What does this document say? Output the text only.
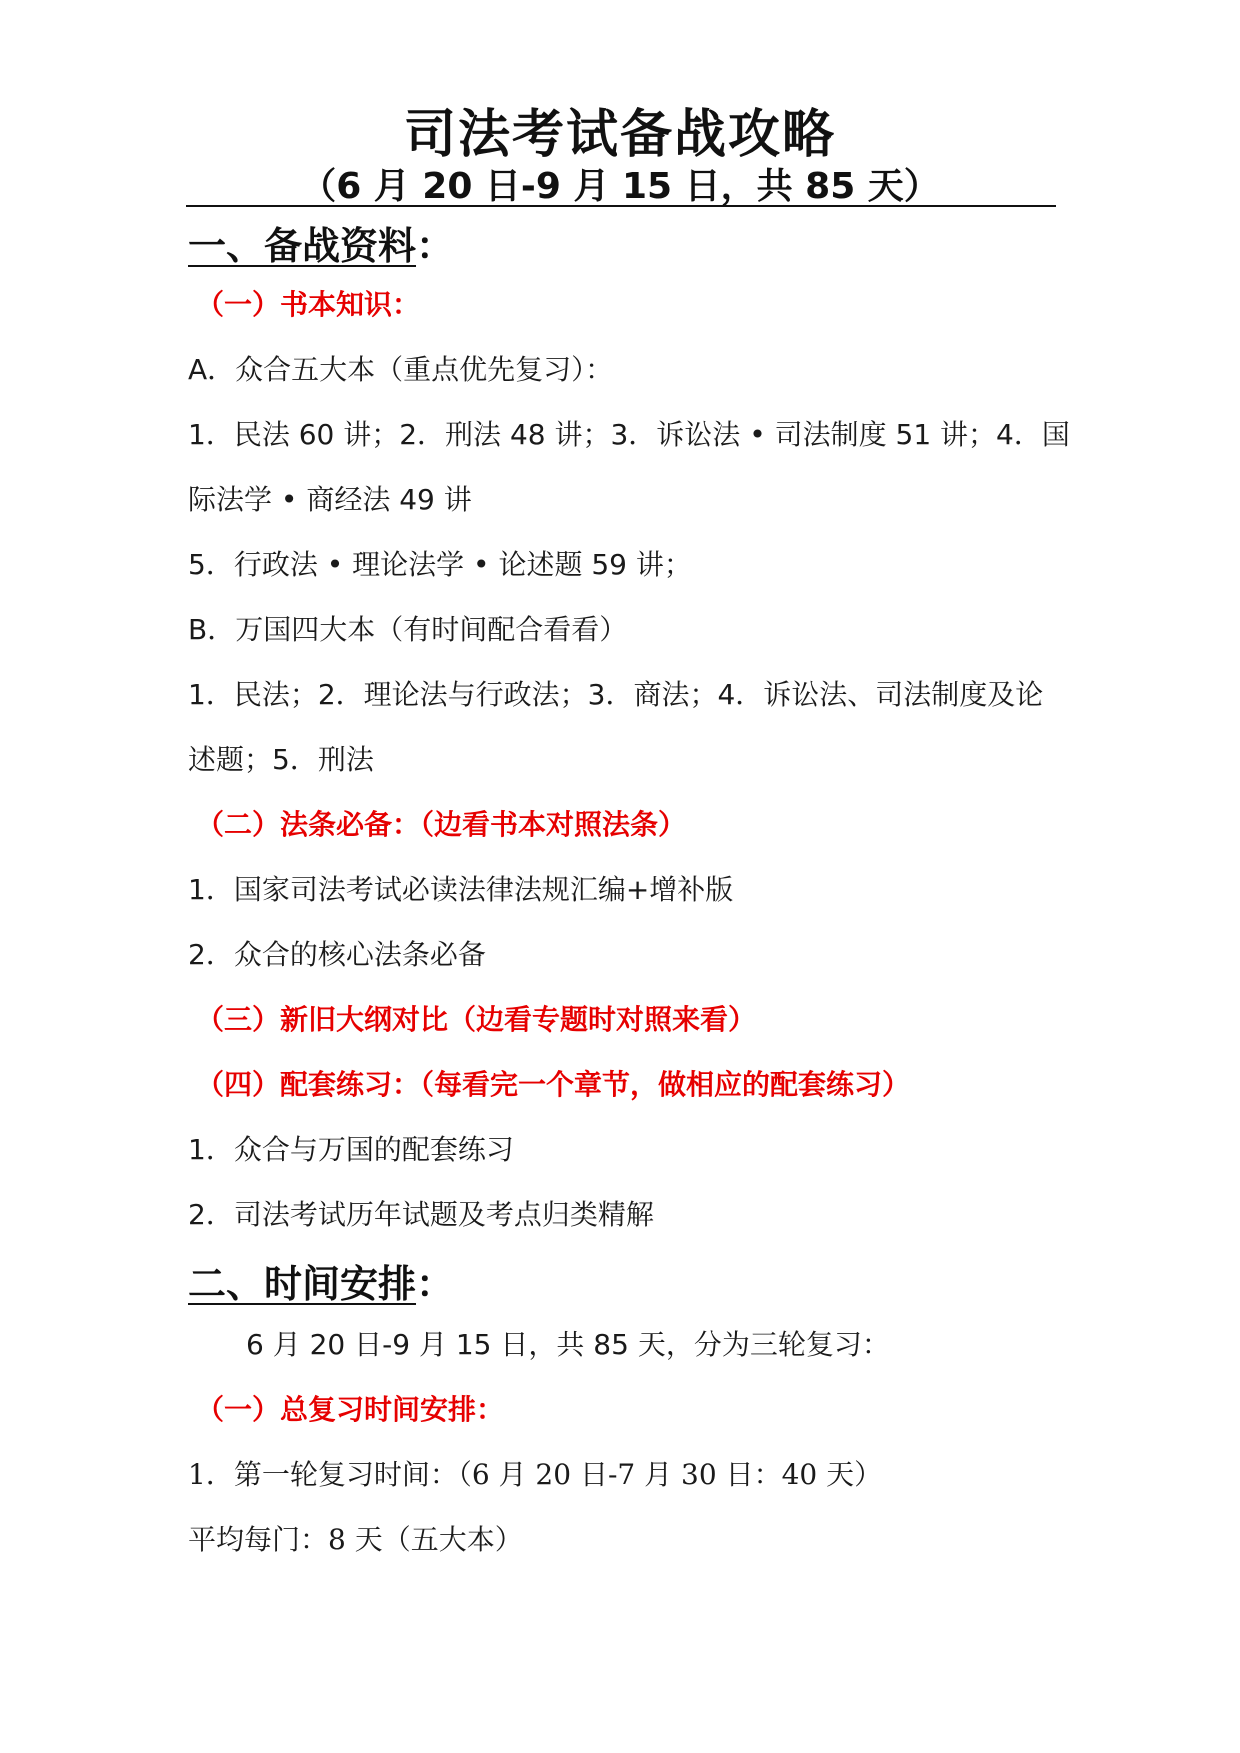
司法考试备战攻略
（6 月 20 日-9 月 15 日，共 85 天）
一、备战资料：
（一）书本知识：
A．众合五大本（重点优先复习）：
1．民法 60 讲；2．刑法 48 讲；3．诉讼法 • 司法制度 51 讲；4．国
际法学 • 商经法 49 讲
5．行政法 • 理论法学 • 论述题 59 讲；
B．万国四大本（有时间配合看看）
1．民法；2．理论法与行政法；3．商法；4．诉讼法、司法制度及论
述题；5．刑法
（二）法条必备：（边看书本对照法条）
1．国家司法考试必读法律法规汇编+增补版
2．众合的核心法条必备
（三）新旧大纲对比（边看专题时对照来看）
（四）配套练习：（每看完一个章节，做相应的配套练习）
1．众合与万国的配套练习
2．司法考试历年试题及考点归类精解
二、时间安排：
6 月 20 日-9 月 15 日，共 85 天，分为三轮复习：
（一）总复习时间安排：
1．第一轮复习时间：（6 月 20 日-7 月 30 日：40 天）
平均每门：8 天（五大本）
